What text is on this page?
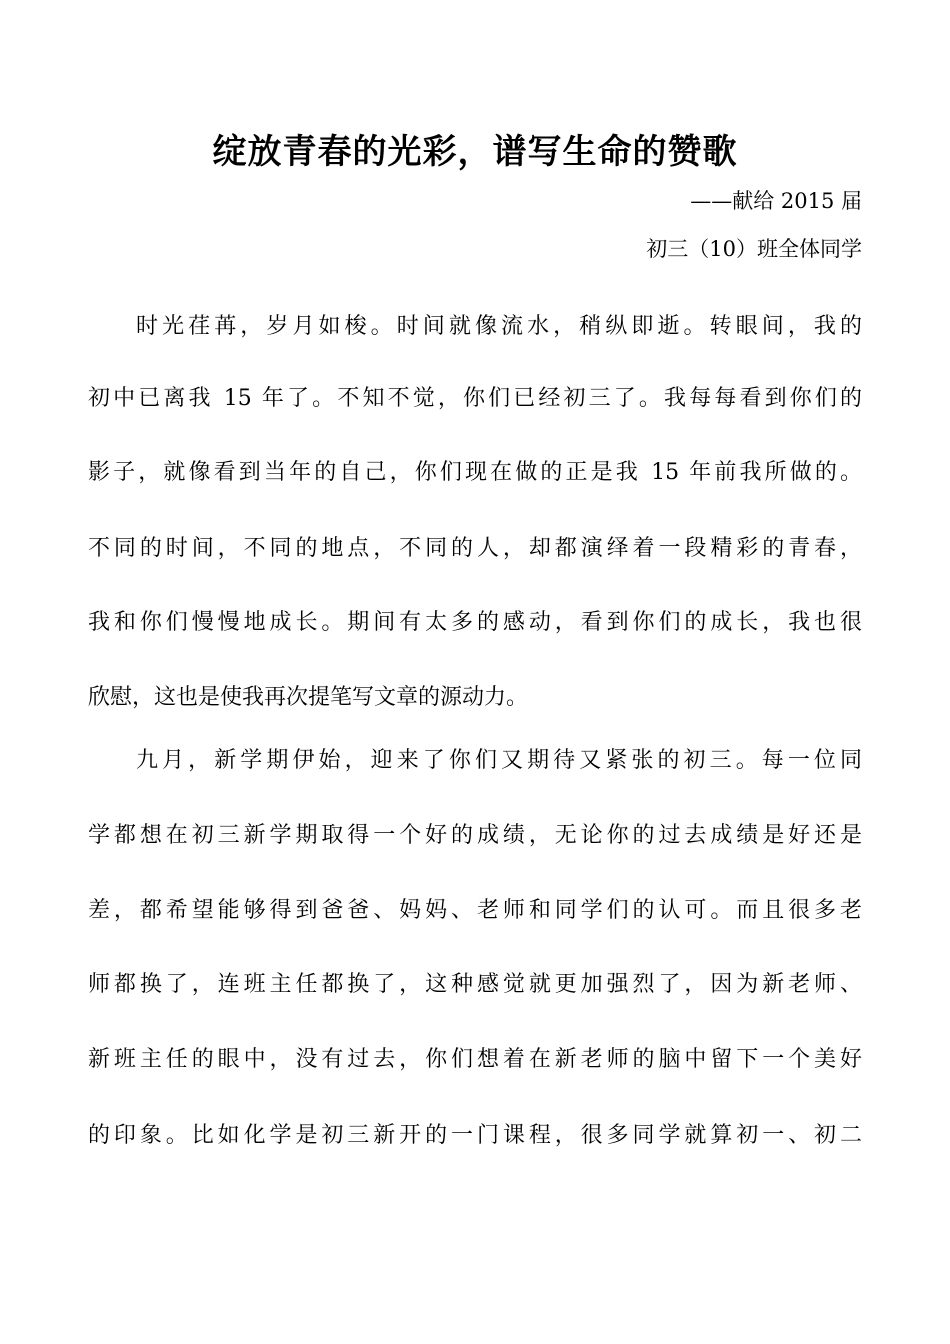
绽放青春的光彩，谱写生命的赞歌
——献给 2015 届
初三（10）班全体同学
时光荏苒，岁月如梭。时间就像流水，稍纵即逝。转眼间，我的
初中已离我 15 年了。不知不觉，你们已经初三了。我每每看到你们的
影子，就像看到当年的自己，你们现在做的正是我 15 年前我所做的。
不同的时间，不同的地点，不同的人，却都演绎着一段精彩的青春，
我和你们慢慢地成长。期间有太多的感动，看到你们的成长，我也很
欣慰，这也是使我再次提笔写文章的源动力。
九月，新学期伊始，迎来了你们又期待又紧张的初三。每一位同
学都想在初三新学期取得一个好的成绩，无论你的过去成绩是好还是
差，都希望能够得到爸爸、妈妈、老师和同学们的认可。而且很多老
师都换了，连班主任都换了，这种感觉就更加强烈了，因为新老师、
新班主任的眼中，没有过去，你们想着在新老师的脑中留下一个美好
的印象。比如化学是初三新开的一门课程，很多同学就算初一、初二
